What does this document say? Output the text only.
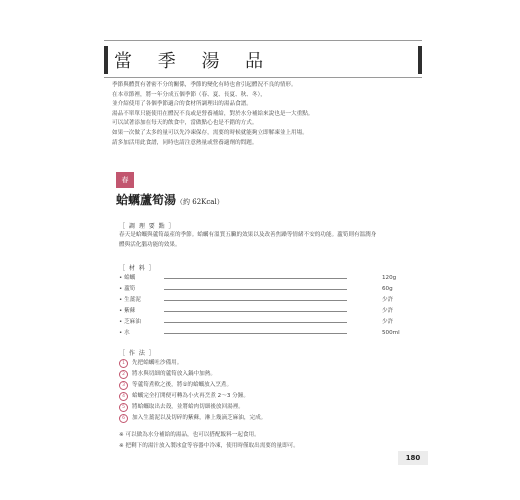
當 季 湯 品
季節與體質有著密不分的關係，季節的變化有時也會引起體況不良的情形。
在本章節裡，將一年分成五個季節（春、夏、長夏、秋、冬），
並介紹使用了各個季節適合的食材所調理出的湯品食譜。
湯品不單單只能使用在體況不良或是營養補給，對於水分補給來說也是一大重點。
可以試著添加在每天的飲食中，當做點心也是不錯的方式。
如果一次做了太多的量可以先冷凍保存，需要的時候就能夠立即解凍並上用場。
請多加活用此食譜，同時也請注意熱量或營養適劑的問題。
春
蛤蠣蘆筍湯（約 62Kcal）
［ 調 理 要 點 ］
春天是蛤蠣與蘆筍最產的季節。蛤蠣有溫質五臟的效果以及改善焦躁等情緒不安的功能。蘆筍則有溫潤身
體與活化腦功能的效果。
［ 材 料 ］
• 蛤蠣	120g
• 蘆筍	60g
• 生薑泥	少許
• 紫蘇	少許
• 芝麻油	少許
• 水	500ml
［ 作 法 ］
1	先把蛤蠣吐沙備用。
2	將水與切細的蘆筍放入鍋中加熱。
3	等蘆筍煮軟之後，將①的蛤蠣放入烹煮。
4	蛤蠣完全打開便可轉為小火再烹煮 2～3 分鐘。
5	將蛤蠣取出去殼，並將蛤肉切細後放回湯裡。
6	加入生薑泥以及切碎的紫蘇，淋上幾滴芝麻油，完成。
※ 可以做為水分補給的湯品，也可以搭配飯料一起食用。
※ 把剩下的湯汁放入製冰盒等容器中冷凍，使用時僅取出需要的量即可。
180
